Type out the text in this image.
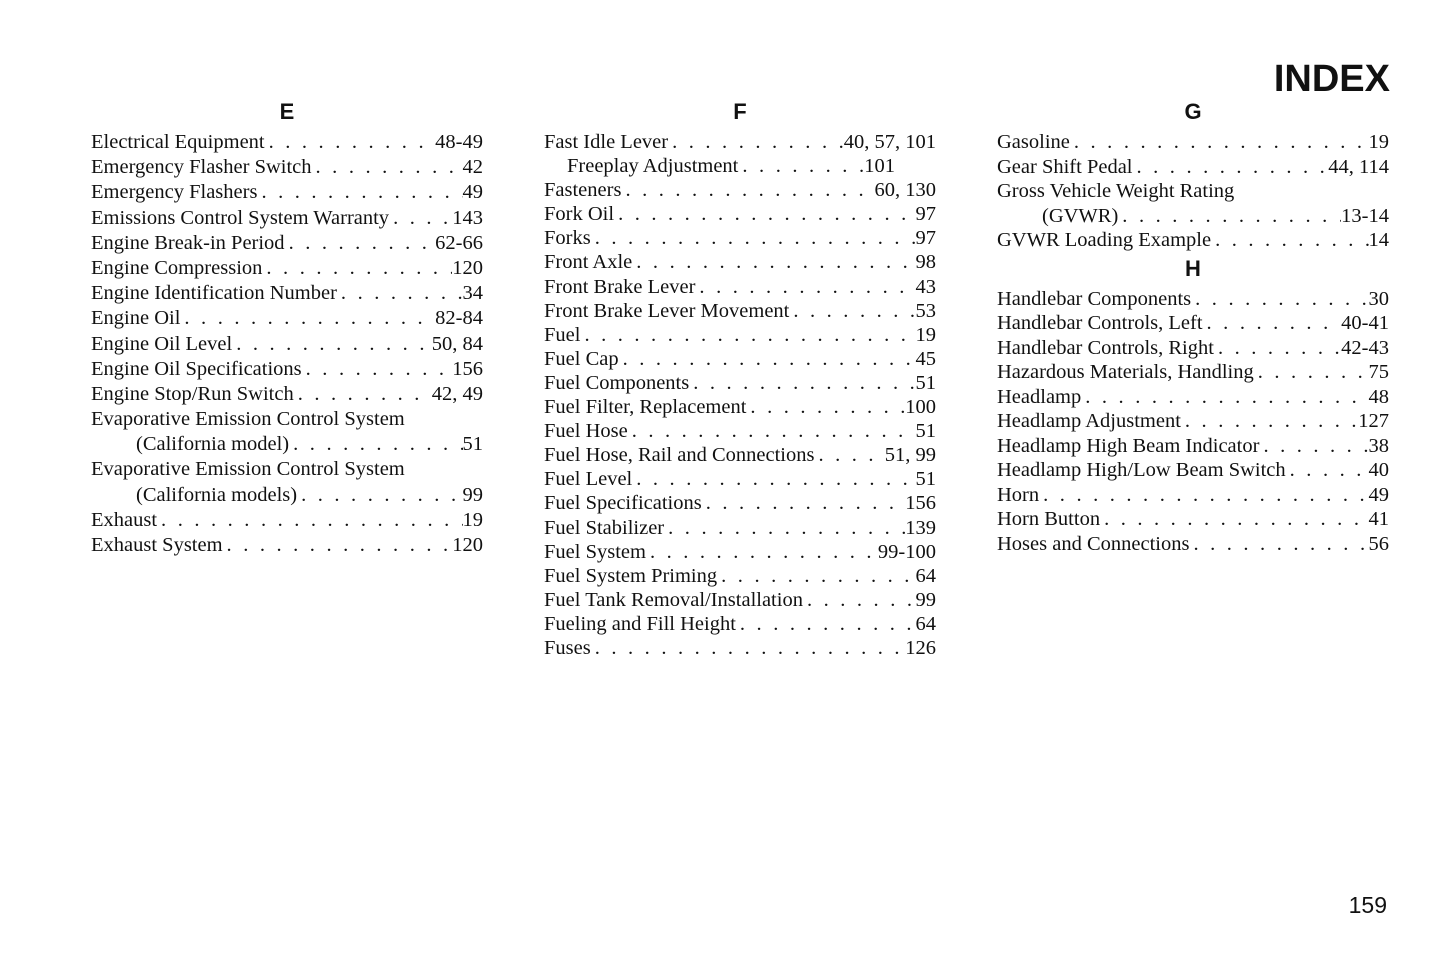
INDEX
E
Electrical Equipment . . .	48-49
Emergency Flasher Switch . . .	42
Emergency Flashers . . .	49
Emissions Control System Warranty . . .	143
Engine Break-in Period . . .	62-66
Engine Compression . . .	120
Engine Identification Number . . .	34
Engine Oil . . .	82-84
Engine Oil Level . . .	50, 84
Engine Oil Specifications . . .	156
Engine Stop/Run Switch . . .	42, 49
Evaporative Emission Control System
(California model) . . .	51
Evaporative Emission Control System
(California models) . . .	99
Exhaust . . .	19
Exhaust System . . .	120
F
Fast Idle Lever . . .	40, 57, 101
Freeplay Adjustment . . .	101
Fasteners . . .	60, 130
Fork Oil . . .	97
Forks . . .	97
Front Axle . . .	98
Front Brake Lever . . .	43
Front Brake Lever Movement . . .	53
Fuel . . .	19
Fuel Cap . . .	45
Fuel Components . . .	51
Fuel Filter, Replacement . . .	100
Fuel Hose . . .	51
Fuel Hose, Rail and Connections . . .	51, 99
Fuel Level . . .	51
Fuel Specifications . . .	156
Fuel Stabilizer . . .	139
Fuel System . . .	99-100
Fuel System Priming . . .	64
Fuel Tank Removal/Installation . . .	99
Fueling and Fill Height . . .	64
Fuses . . .	126
G
Gasoline . . .	19
Gear Shift Pedal . . .	44, 114
Gross Vehicle Weight Rating
(GVWR) . . .	13-14
GVWR Loading Example . . .	14
H
Handlebar Components . . .	30
Handlebar Controls, Left . . .	40-41
Handlebar Controls, Right . . .	42-43
Hazardous Materials, Handling . . .	75
Headlamp . . .	48
Headlamp Adjustment . . .	127
Headlamp High Beam Indicator . . .	38
Headlamp High/Low Beam Switch . . .	40
Horn . . .	49
Horn Button . . .	41
Hoses and Connections . . .	56
159
